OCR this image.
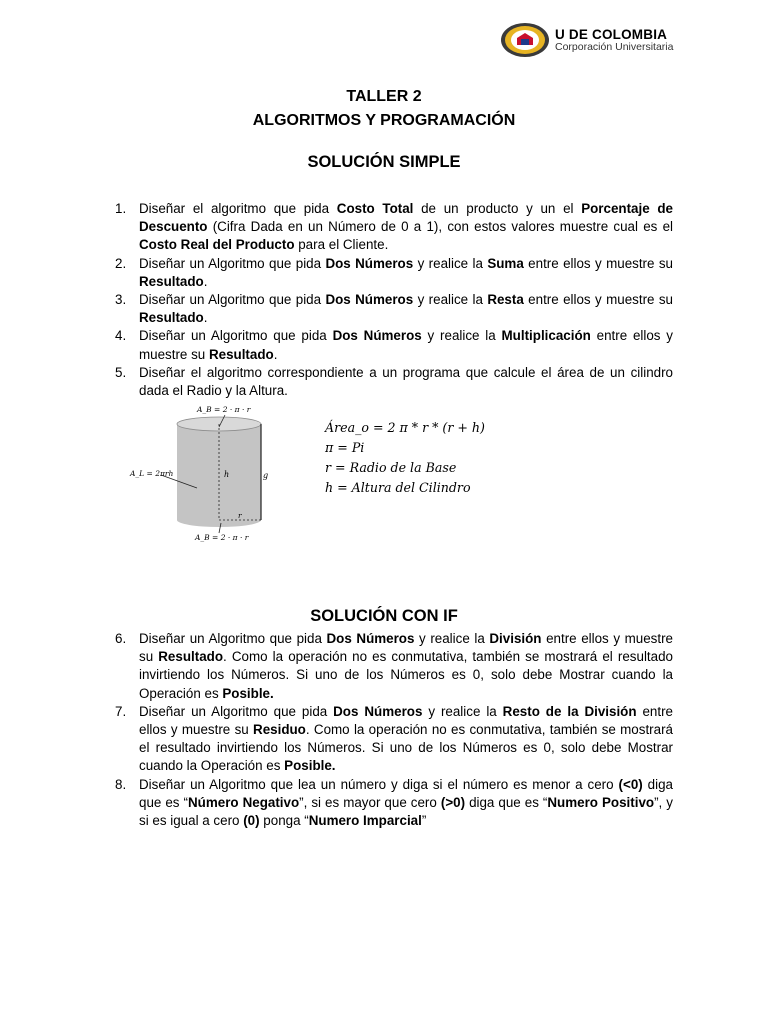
U DE COLOMBIA
Corporación Universitaria
TALLER 2
ALGORITMOS Y PROGRAMACIÓN
SOLUCIÓN SIMPLE
1. Diseñar el algoritmo que pida Costo Total de un producto y un el Porcentaje de Descuento (Cifra Dada en un Número de 0 a 1), con estos valores muestre cual es el Costo Real del Producto para el Cliente.
2. Diseñar un Algoritmo que pida Dos Números y realice la Suma entre ellos y muestre su Resultado.
3. Diseñar un Algoritmo que pida Dos Números y realice la Resta entre ellos y muestre su Resultado.
4. Diseñar un Algoritmo que pida Dos Números y realice la Multiplicación entre ellos y muestre su Resultado.
5. Diseñar el algoritmo correspondiente a un programa que calcule el área de un cilindro dada el Radio y la Altura.
A_B = 2 · π · r
A_L = 2πrh	h	g
r
A_B = 2 · π · r
Área_o = 2 π * r * (r + h)
π = Pi
r = Radio de la Base
h = Altura del Cilindro
SOLUCIÓN CON IF
6. Diseñar un Algoritmo que pida Dos Números y realice la División entre ellos y muestre su Resultado. Como la operación no es conmutativa, también se mostrará el resultado invirtiendo los Números. Si uno de los Números es 0, solo debe Mostrar cuando la Operación es Posible.
7. Diseñar un Algoritmo que pida Dos Números y realice la Resto de la División entre ellos y muestre su Residuo. Como la operación no es conmutativa, también se mostrará el resultado invirtiendo los Números. Si uno de los Números es 0, solo debe Mostrar cuando la Operación es Posible.
8. Diseñar un Algoritmo que lea un número y diga si el número es menor a cero (<0) diga que es “Número Negativo”, si es mayor que cero (>0) diga que es “Numero Positivo”, y si es igual a cero (0) ponga “Numero Imparcial”
